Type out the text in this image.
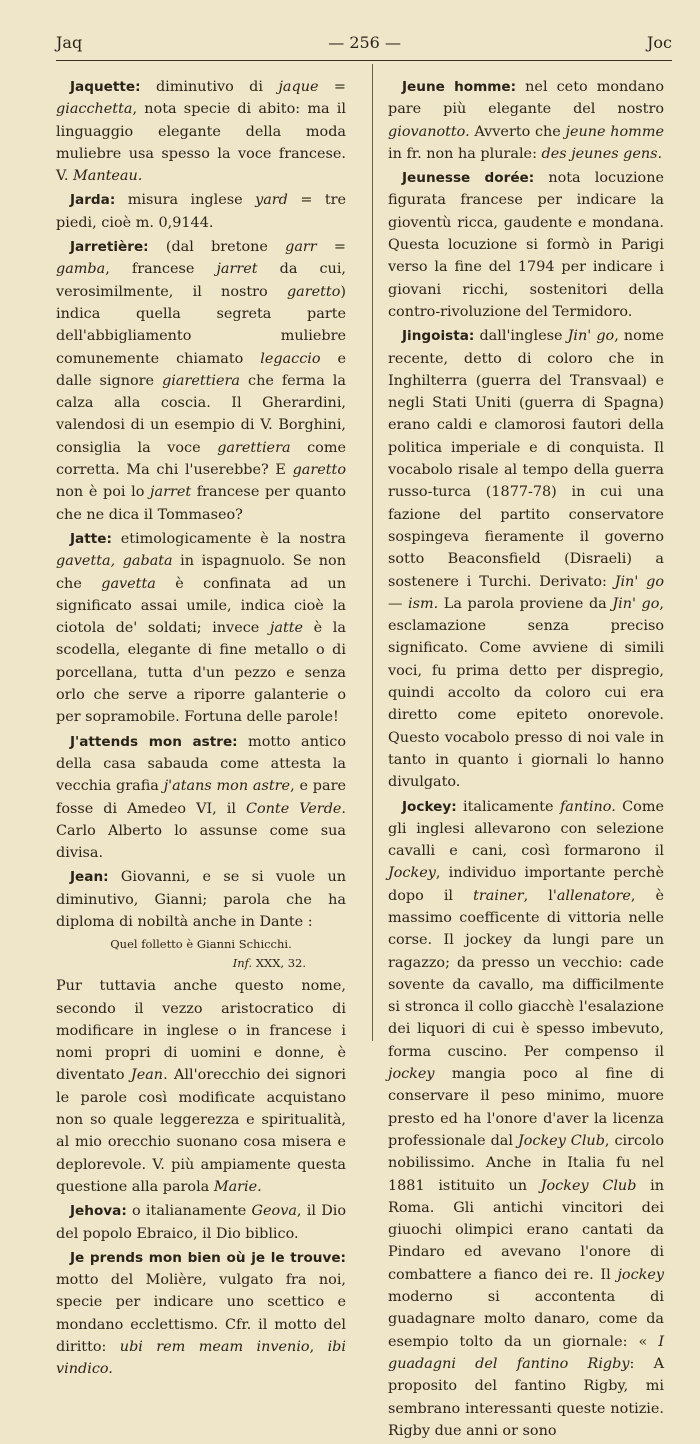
Jaq	— 256 —	Joc

Jaquette: diminutivo di jaque = giacchetta, nota specie di abito: ma il linguaggio elegante della moda muliebre usa spesso la voce francese. V. Manteau.

Jarda: misura inglese yard = tre piedi, cioè m. 0,9144.

Jarretière: (dal bretone garr = gamba, francese jarret da cui, verosimilmente, il nostro garetto) indica quella segreta parte dell'abbigliamento muliebre comunemente chiamato legaccio e dalle signore giarettiera che ferma la calza alla coscia. Il Gherardini, valendosi di un esempio di V. Borghini, consiglia la voce garettiera come corretta. Ma chi l'userebbe? E garetto non è poi lo jarret francese per quanto che ne dica il Tommaseo?

Jatte: etimologicamente è la nostra gavetta, gabata in ispagnuolo. Se non che gavetta è confinata ad un significato assai umile, indica cioè la ciotola de' soldati; invece jatte è la scodella, elegante di fine metallo o di porcellana, tutta d'un pezzo e senza orlo che serve a riporre galanterie o per sopramobile. Fortuna delle parole!

J'attends mon astre: motto antico della casa sabauda come attesta la vecchia grafia j'atans mon astre, e pare fosse di Amedeo VI, il Conte Verde. Carlo Alberto lo assunse come sua divisa.

Jean: Giovanni, e se si vuole un diminutivo, Gianni; parola che ha diploma di nobiltà anche in Dante :

Quel folletto è Gianni Schicchi.
Inf. XXX, 32.

Pur tuttavia anche questo nome, secondo il vezzo aristocratico di modificare in inglese o in francese i nomi propri di uomini e donne, è diventato Jean. All'orecchio dei signori le parole così modificate acquistano non so quale leggerezza e spiritualità, al mio orecchio suonano cosa misera e deplorevole. V. più ampiamente questa questione alla parola Marie.

Jehova: o italianamente Geova, il Dio del popolo Ebraico, il Dio biblico.

Je prends mon bien où je le trouve: motto del Molière, vulgato fra noi, specie per indicare uno scettico e mondano ecclettismo. Cfr. il motto del diritto: ubi rem meam invenio, ibi vindico.

Jeune homme: nel ceto mondano pare più elegante del nostro giovanotto. Avverto che jeune homme in fr. non ha plurale: des jeunes gens.

Jeunesse dorée: nota locuzione figurata francese per indicare la gioventù ricca, gaudente e mondana. Questa locuzione si formò in Parigi verso la fine del 1794 per indicare i giovani ricchi, sostenitori della contro-rivoluzione del Termidoro.

Jingoista: dall'inglese Jin' go, nome recente, detto di coloro che in Inghilterra (guerra del Transvaal) e negli Stati Uniti (guerra di Spagna) erano caldi e clamorosi fautori della politica imperiale e di conquista. Il vocabolo risale al tempo della guerra russo-turca (1877-78) in cui una fazione del partito conservatore sospingeva fieramente il governo sotto Beaconsfield (Disraeli) a sostenere i Turchi. Derivato: Jin' go — ism. La parola proviene da Jin' go, esclamazione senza preciso significato. Come avviene di simili voci, fu prima detto per dispregio, quindi accolto da coloro cui era diretto come epiteto onorevole. Questo vocabolo presso di noi vale in tanto in quanto i giornali lo hanno divulgato.

Jockey: italicamente fantino. Come gli inglesi allevarono con selezione cavalli e cani, così formarono il Jockey, individuo importante perchè dopo il trainer, l'allenatore, è massimo coefficente di vittoria nelle corse. Il jockey da lungi pare un ragazzo; da presso un vecchio: cade sovente da cavallo, ma difficilmente si stronca il collo giacchè l'esalazione dei liquori di cui è spesso imbevuto, forma cuscino. Per compenso il jockey mangia poco al fine di conservare il peso minimo, muore presto ed ha l'onore d'aver la licenza professionale dal Jockey Club, circolo nobilissimo. Anche in Italia fu nel 1881 istituito un Jockey Club in Roma. Gli antichi vincitori dei giuochi olimpici erano cantati da Pindaro ed avevano l'onore di combattere a fianco dei re. Il jockey moderno si accontenta di guadagnare molto danaro, come da esempio tolto da un giornale: « I guadagni del fantino Rigby: A proposito del fantino Rigby, mi sembrano interessanti queste notizie. Rigby due anni or sono
